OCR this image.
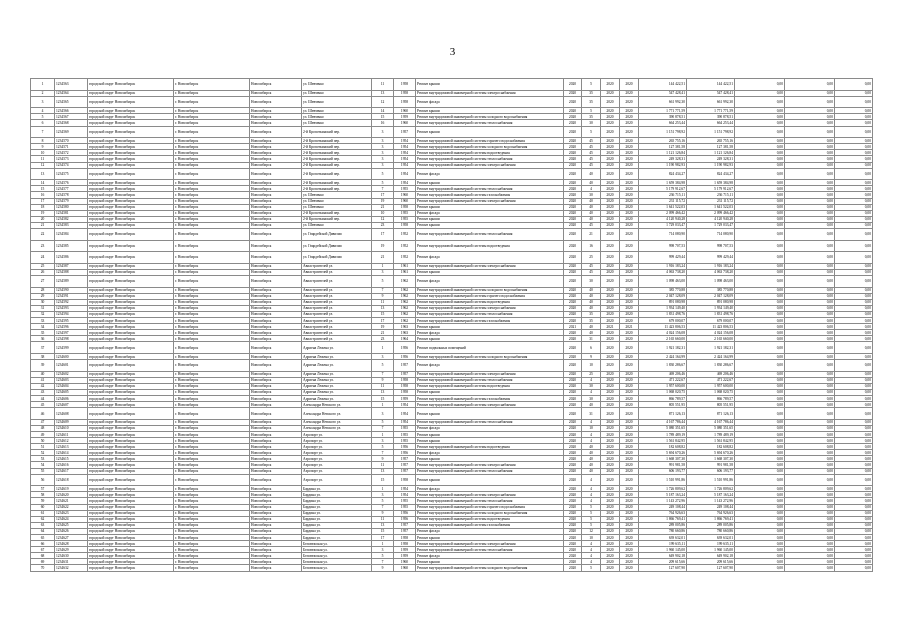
3
1	1234563	городской округ Новосибирск	г. Новосибирск	Новосибирск	ул. Шевченко	11	1958	Ремонт крыши	2020	5	2020	2020	144 422,51	144 422,51	0,00	0,00	0,00
2	1234564	городской округ Новосибирск	г. Новосибирск	Новосибирск	ул. Шевченко	13	1958	Ремонт внутридомовой инженерной системы электроснабжения	2020	35	2020	2020	547 428,41	547 428,41	0,00	0,00	0,00
3	1234565	городской округ Новосибирск	г. Новосибирск	Новосибирск	ул. Шевченко	12	1958	Ремонт фасада	2020	35	2020	2020	661 992,30	661 992,30	0,00	0,00	0,00
4	1234566	городской округ Новосибирск	г. Новосибирск	Новосибирск	ул. Шевченко	14	1960	Ремонт крыши	2020	5	2020	2020	1 771 771,59	1 771 771,59	0,00	0,00	0,00
5	1234567	городской округ Новосибирск	г. Новосибирск	Новосибирск	ул. Шевченко	15	1959	Ремонт внутридомовой инженерной системы холодного водоснабжения	2020	35	2020	2020	390 878,51	390 878,51	0,00	0,00	0,00
6	1234568	городской округ Новосибирск	г. Новосибирск	Новосибирск	ул. Шевченко	16	1960	Ремонт внутридомовой инженерной системы теплоснабжения	2020	30	2020	2020	664 253,44	664 253,44	0,00	0,00	0,00
7	1234569	городской округ Новосибирск	г. Новосибирск	Новосибирск	2-й Кропоткинский пер.	3	1957	Ремонт крыши	2020	5	2020	2020	1 151 798,92	1 151 798,92	0,00	0,00	0,00
8	1234570	городской округ Новосибирск	г. Новосибирск	Новосибирск	2-й Кропоткинский пер.	3	1954	Ремонт внутридомовой инженерной системы горячего водоснабжения	2020	45	2020	2020	265 755,16	265 755,16	0,00	0,00	0,00
9	1234571	городской округ Новосибирск	г. Новосибирск	Новосибирск	2-й Кропоткинский пер.	3	1954	Ремонт внутридомовой инженерной системы холодного водоснабжения	2020	45	2020	2020	127 381,58	127 381,58	0,00	0,00	0,00
10	1234572	городской округ Новосибирск	г. Новосибирск	Новосибирск	2-й Кропоткинский пер.	3	1954	Ремонт внутридомовой инженерной системы водоотведения	2020	45	2020	2020	1 121 126,84	1 121 126,84	0,00	0,00	0,00
11	1234573	городской округ Новосибирск	г. Новосибирск	Новосибирск	2-й Кропоткинский пер.	3	1954	Ремонт внутридомовой инженерной системы теплоснабжения	2020	45	2020	2020	249 328,31	249 328,31	0,00	0,00	0,00
12	1234574	городской округ Новосибирск	г. Новосибирск	Новосибирск	2-й Кропоткинский пер.	3	1954	Ремонт внутридомовой инженерной системы электроснабжения	2020	45	2020	2020	1 190 982,93	1 190 982,93	0,00	0,00	0,00
13	1234575	городской округ Новосибирск	г. Новосибирск	Новосибирск	2-й Кропоткинский пер.	5	1954	Ремонт фасада	2020	40	2020	2020	824 434,27	824 434,27	0,00	0,00	0,00
14	1234576	городской округ Новосибирск	г. Новосибирск	Новосибирск	2-й Кропоткинский пер.	5	1954	Ремонт крыши	2020	40	2020	2020	1 659 384,98	1 659 384,98	0,00	0,00	0,00
15	1234577	городской округ Новосибирск	г. Новосибирск	Новосибирск	2-й Кропоткинский пер.	7	1955	Ремонт внутридомовой инженерной системы теплоснабжения	2020	4	2020	2020	5 179 912,67	5 179 912,67	0,00	0,00	0,00
16	1234578	городской округ Новосибирск	г. Новосибирск	Новосибирск	ул. Шевченко	17	1960	Ремонт внутридомовой инженерной системы газоснабжения	2020	30	2020	2020	236 715,11	236 715,11	0,00	0,00	0,00
17	1234579	городской округ Новосибирск	г. Новосибирск	Новосибирск	ул. Шевченко	19	1960	Ремонт внутридомовой инженерной системы электроснабжения	2020	40	2020	2020	231 115,72	231 115,72	0,00	0,00	0,00
18	1234580	городской округ Новосибирск	г. Новосибирск	Новосибирск	ул. Шевченко	21	1958	Ремонт крыши	2020	40	2020	2020	1 641 522,03	1 641 522,03	0,00	0,00	0,00
19	1234581	городской округ Новосибирск	г. Новосибирск	Новосибирск	2-й Кропоткинский пер.	10	1955	Ремонт фасада	2020	40	2020	2020	2 099 466,42	2 099 466,42	0,00	0,00	0,00
20	1234582	городской округ Новосибирск	г. Новосибирск	Новосибирск	2-й Кропоткинский пер.	12	1955	Ремонт крыши	2020	40	2020	2020	4 120 940,28	4 120 940,28	0,00	0,00	0,00
21	1234583	городской округ Новосибирск	г. Новосибирск	Новосибирск	ул. Шевченко	23	1958	Ремонт крыши	2020	45	2020	2020	1 729 033,47	1 729 033,47	0,00	0,00	0,00
22	1234584	городской округ Новосибирск	г. Новосибирск	Новосибирск	ул. Гвардейской Дивизии	17	1952	Ремонт внутридомовой инженерной системы теплоснабжения	2020	21	2020	2020	714 080,90	714 080,90	0,00	0,00	0,00
23	1234585	городской округ Новосибирск	г. Новосибирск	Новосибирск	ул. Гвардейской Дивизии	19	1952	Ремонт внутридомовой инженерной системы водоотведения	2020	16	2020	2020	998 707,53	998 707,53	0,00	0,00	0,00
24	1234586	городской округ Новосибирск	г. Новосибирск	Новосибирск	ул. Гвардейской Дивизии	21	1952	Ремонт фасада	2020	25	2020	2020	999 429,44	999 429,44	0,00	0,00	0,00
25	1234587	городской округ Новосибирск	г. Новосибирск	Новосибирск	Авиастроителей ул.	1	1961	Ремонт внутридомовой инженерной системы электроснабжения	2020	45	2020	2020	1 916 183,24	1 916 183,24	0,00	0,00	0,00
26	1234588	городской округ Новосибирск	г. Новосибирск	Новосибирск	Авиастроителей ул.	3	1961	Ремонт крыши	2020	45	2020	2020	4 063 738,20	4 063 738,20	0,00	0,00	0,00
27	1234589	городской округ Новосибирск	г. Новосибирск	Новосибирск	Авиастроителей ул.	5	1962	Ремонт фасада	2020	30	2020	2020	1 098 463,00	1 098 463,00	0,00	0,00	0,00
28	1234590	городской округ Новосибирск	г. Новосибирск	Новосибирск	Авиастроителей ул.	7	1962	Ремонт внутридомовой инженерной системы холодного водоснабжения	2020	40	2020	2020	385 770,88	385 770,88	0,00	0,00	0,00
29	1234591	городской округ Новосибирск	г. Новосибирск	Новосибирск	Авиастроителей ул.	9	1962	Ремонт внутридомовой инженерной системы горячего водоснабжения	2020	40	2020	2020	2 047 128,09	2 047 128,09	0,00	0,00	0,00
30	1234592	городской округ Новосибирск	г. Новосибирск	Новосибирск	Авиастроителей ул.	11	1962	Ремонт внутридомовой инженерной системы водоотведения	2020	40	2020	2020	891 080,98	891 080,98	0,00	0,00	0,00
31	1234593	городской округ Новосибирск	г. Новосибирск	Новосибирск	Авиастроителей ул.	13	1962	Ремонт внутридомовой инженерной системы электроснабжения	2020	40	2020	2020	1 934 149,40	1 934 149,40	0,00	0,00	0,00
32	1234594	городской округ Новосибирск	г. Новосибирск	Новосибирск	Авиастроителей ул.	15	1962	Ремонт внутридомовой инженерной системы теплоснабжения	2020	35	2020	2020	1 831 498,76	1 831 498,76	0,00	0,00	0,00
33	1234595	городской округ Новосибирск	г. Новосибирск	Новосибирск	Авиастроителей ул.	17	1962	Ремонт внутридомовой инженерной системы газоснабжения	2020	35	2020	2020	679 000,07	679 000,07	0,00	0,00	0,00
34	1234596	городской округ Новосибирск	г. Новосибирск	Новосибирск	Авиастроителей ул.	19	1963	Ремонт крыши	2021	40	2021	2021	11 423 806,53	11 423 806,53	0,00	0,00	0,00
35	1234597	городской округ Новосибирск	г. Новосибирск	Новосибирск	Авиастроителей ул.	21	1963	Ремонт фасада	2020	40	2020	2020	4 024 156,08	4 024 156,08	0,00	0,00	0,00
36	1234598	городской округ Новосибирск	г. Новосибирск	Новосибирск	Авиастроителей ул.	23	1964	Ремонт крыши	2020	31	2020	2020	2 165 660,00	2 165 660,00	0,00	0,00	0,00
37	1234599	городской округ Новосибирск	г. Новосибирск	Новосибирск	Адриена Лежена ул.	1	1956	Ремонт подвальных помещений	2020	6	2020	2020	1 921 182,31	1 921 182,31	0,00	0,00	0,00
38	1234600	городской округ Новосибирск	г. Новосибирск	Новосибирск	Адриена Лежена ул.	3	1956	Ремонт внутридомовой инженерной системы холодного водоснабжения	2020	9	2020	2020	2 424 164,99	2 424 164,99	0,00	0,00	0,00
39	1234601	городской округ Новосибирск	г. Новосибирск	Новосибирск	Адриена Лежена ул.	5	1957	Ремонт фасада	2020	10	2020	2020	1 830 286,67	1 830 286,67	0,00	0,00	0,00
40	1234602	городской округ Новосибирск	г. Новосибирск	Новосибирск	Адриена Лежена ул.	7	1957	Ремонт внутридомовой инженерной системы электроснабжения	2020	25	2020	2020	469 206,46	469 206,46	0,00	0,00	0,00
41	1234603	городской округ Новосибирск	г. Новосибирск	Новосибирск	Адриена Лежена ул.	9	1958	Ремонт внутридомовой инженерной системы теплоснабжения	2020	4	2020	2020	471 222,67	471 222,67	0,00	0,00	0,00
42	1234604	городской округ Новосибирск	г. Новосибирск	Новосибирск	Адриена Лежена ул.	11	1958	Ремонт внутридомовой инженерной системы водоотведения	2020	30	2020	2020	1 957 600,00	1 957 600,00	0,00	0,00	0,00
43	1234605	городской округ Новосибирск	г. Новосибирск	Новосибирск	Адриена Лежена ул.	13	1958	Ремонт крыши	2020	4	2020	2020	1 068 020,75	1 068 020,75	0,00	0,00	0,00
44	1234606	городской округ Новосибирск	г. Новосибирск	Новосибирск	Адриена Лежена ул.	15	1959	Ремонт внутридомовой инженерной системы газоснабжения	2020	30	2020	2020	866 789,57	866 789,57	0,00	0,00	0,00
45	1234607	городской округ Новосибирск	г. Новосибирск	Новосибирск	Александра Невского ул.	1	1954	Ремонт внутридомовой инженерной системы электроснабжения	2020	40	2020	2020	805 551,95	805 551,95	0,00	0,00	0,00
46	1234608	городской округ Новосибирск	г. Новосибирск	Новосибирск	Александра Невского ул.	3	1954	Ремонт крыши	2020	31	2020	2020	871 126,13	871 126,13	0,00	0,00	0,00
47	1234609	городской округ Новосибирск	г. Новосибирск	Новосибирск	Александра Невского ул.	5	1954	Ремонт внутридомовой инженерной системы теплоснабжения	2020	4	2020	2020	4 167 786,44	4 167 786,44	0,00	0,00	0,00
48	1234610	городской округ Новосибирск	г. Новосибирск	Новосибирск	Александра Невского ул.	7	1955	Ремонт фасада	2020	10	2020	2020	5 080 351,65	5 080 351,65	0,00	0,00	0,00
49	1234611	городской округ Новосибирск	г. Новосибирск	Новосибирск	Аэропорт ул.	1	1955	Ремонт крыши	2020	4	2020	2020	1 789 489,19	1 789 489,19	0,00	0,00	0,00
50	1234612	городской округ Новосибирск	г. Новосибирск	Новосибирск	Аэропорт ул.	3	1955	Ремонт крыши	2020	4	2020	2020	1 561 842,95	1 561 842,95	0,00	0,00	0,00
51	1234613	городской округ Новосибирск	г. Новосибирск	Новосибирск	Аэропорт ул.	5	1956	Ремонт внутридомовой инженерной системы водоотведения	2020	40	2020	2020	182 608,82	182 608,82	0,00	0,00	0,00
52	1234614	городской округ Новосибирск	г. Новосибирск	Новосибирск	Аэропорт ул.	7	1956	Ремонт фасада	2020	40	2020	2020	5 694 670,26	5 694 670,26	0,00	0,00	0,00
53	1234615	городской округ Новосибирск	г. Новосибирск	Новосибирск	Аэропорт ул.	9	1957	Ремонт крыши	2020	40	2020	2020	1 668 307,30	1 668 307,30	0,00	0,00	0,00
54	1234616	городской округ Новосибирск	г. Новосибирск	Новосибирск	Аэропорт ул.	11	1957	Ремонт внутридомовой инженерной системы электроснабжения	2020	40	2020	2020	991 981,58	991 981,58	0,00	0,00	0,00
55	1234617	городской округ Новосибирск	г. Новосибирск	Новосибирск	Аэропорт ул.	13	1957	Ремонт внутридомовой инженерной системы теплоснабжения	2020	40	2020	2020	606 193,77	606 193,77	0,00	0,00	0,00
56	1234618	городской округ Новосибирск	г. Новосибирск	Новосибирск	Аэропорт ул.	15	1958	Ремонт крыши	2020	4	2020	2020	1 510 991,86	1 510 991,86	0,00	0,00	0,00
57	1234619	городской округ Новосибирск	г. Новосибирск	Новосибирск	Бардина ул.	1	1954	Ремонт фасада	2020	4	2020	2020	1 726 809,62	1 726 809,62	0,00	0,00	0,00
58	1234620	городской округ Новосибирск	г. Новосибирск	Новосибирск	Бардина ул.	3	1954	Ремонт внутридомовой инженерной системы электроснабжения	2020	4	2020	2020	5 187 163,24	5 187 163,24	0,00	0,00	0,00
59	1234621	городской округ Новосибирск	г. Новосибирск	Новосибирск	Бардина ул.	5	1955	Ремонт внутридомовой инженерной системы теплоснабжения	2020	4	2020	2020	1 143 272,96	1 143 272,96	0,00	0,00	0,00
60	1234622	городской округ Новосибирск	г. Новосибирск	Новосибирск	Бардина ул.	7	1955	Ремонт внутридомовой инженерной системы горячего водоснабжения	2020	5	2020	2020	249 108,44	249 108,44	0,00	0,00	0,00
61	1234623	городской округ Новосибирск	г. Новосибирск	Новосибирск	Бардина ул.	9	1956	Ремонт внутридомовой инженерной системы холодного водоснабжения	2020	5	2020	2020	764 926,63	764 926,63	0,00	0,00	0,00
62	1234624	городской округ Новосибирск	г. Новосибирск	Новосибирск	Бардина ул.	11	1956	Ремонт внутридомовой инженерной системы водоотведения	2020	5	2020	2020	1 866 769,41	1 866 769,41	0,00	0,00	0,00
63	1234625	городской округ Новосибирск	г. Новосибирск	Новосибирск	Бардина ул.	13	1957	Ремонт внутридомовой инженерной системы газоснабжения	2020	5	2020	2020	289 005,86	289 005,86	0,00	0,00	0,00
64	1234626	городской округ Новосибирск	г. Новосибирск	Новосибирск	Бардина ул.	15	1957	Ремонт фасада	2020	12	2020	2020	780 660,86	780 660,86	0,00	0,00	0,00
65	1234627	городской округ Новосибирск	г. Новосибирск	Новосибирск	Бардина ул.	17	1958	Ремонт крыши	2020	10	2020	2020	639 632,01	639 632,01	0,00	0,00	0,00
66	1234628	городской округ Новосибирск	г. Новосибирск	Новосибирск	Беловежская ул.	1	1958	Ремонт внутридомовой инженерной системы электроснабжения	2020	4	2020	2020	199 635,11	199 635,11	0,00	0,00	0,00
67	1234629	городской округ Новосибирск	г. Новосибирск	Новосибирск	Беловежская ул.	3	1959	Ремонт внутридомовой инженерной системы теплоснабжения	2020	4	2020	2020	1 960 145,00	1 960 145,00	0,00	0,00	0,00
68	1234630	городской округ Новосибирск	г. Новосибирск	Новосибирск	Беловежская ул.	5	1959	Ремонт фасада	2020	4	2020	2020	649 902,18	649 902,18	0,00	0,00	0,00
69	1234631	городской округ Новосибирск	г. Новосибирск	Новосибирск	Беловежская ул.	7	1960	Ремонт крыши	2020	4	2020	2020	209 615,66	209 615,66	0,00	0,00	0,00
70	1234632	городской округ Новосибирск	г. Новосибирск	Новосибирск	Беловежская ул.	9	1960	Ремонт внутридомовой инженерной системы холодного водоснабжения	2020	5	2020	2020	127 607,90	127 607,90	0,00	0,00	0,00
